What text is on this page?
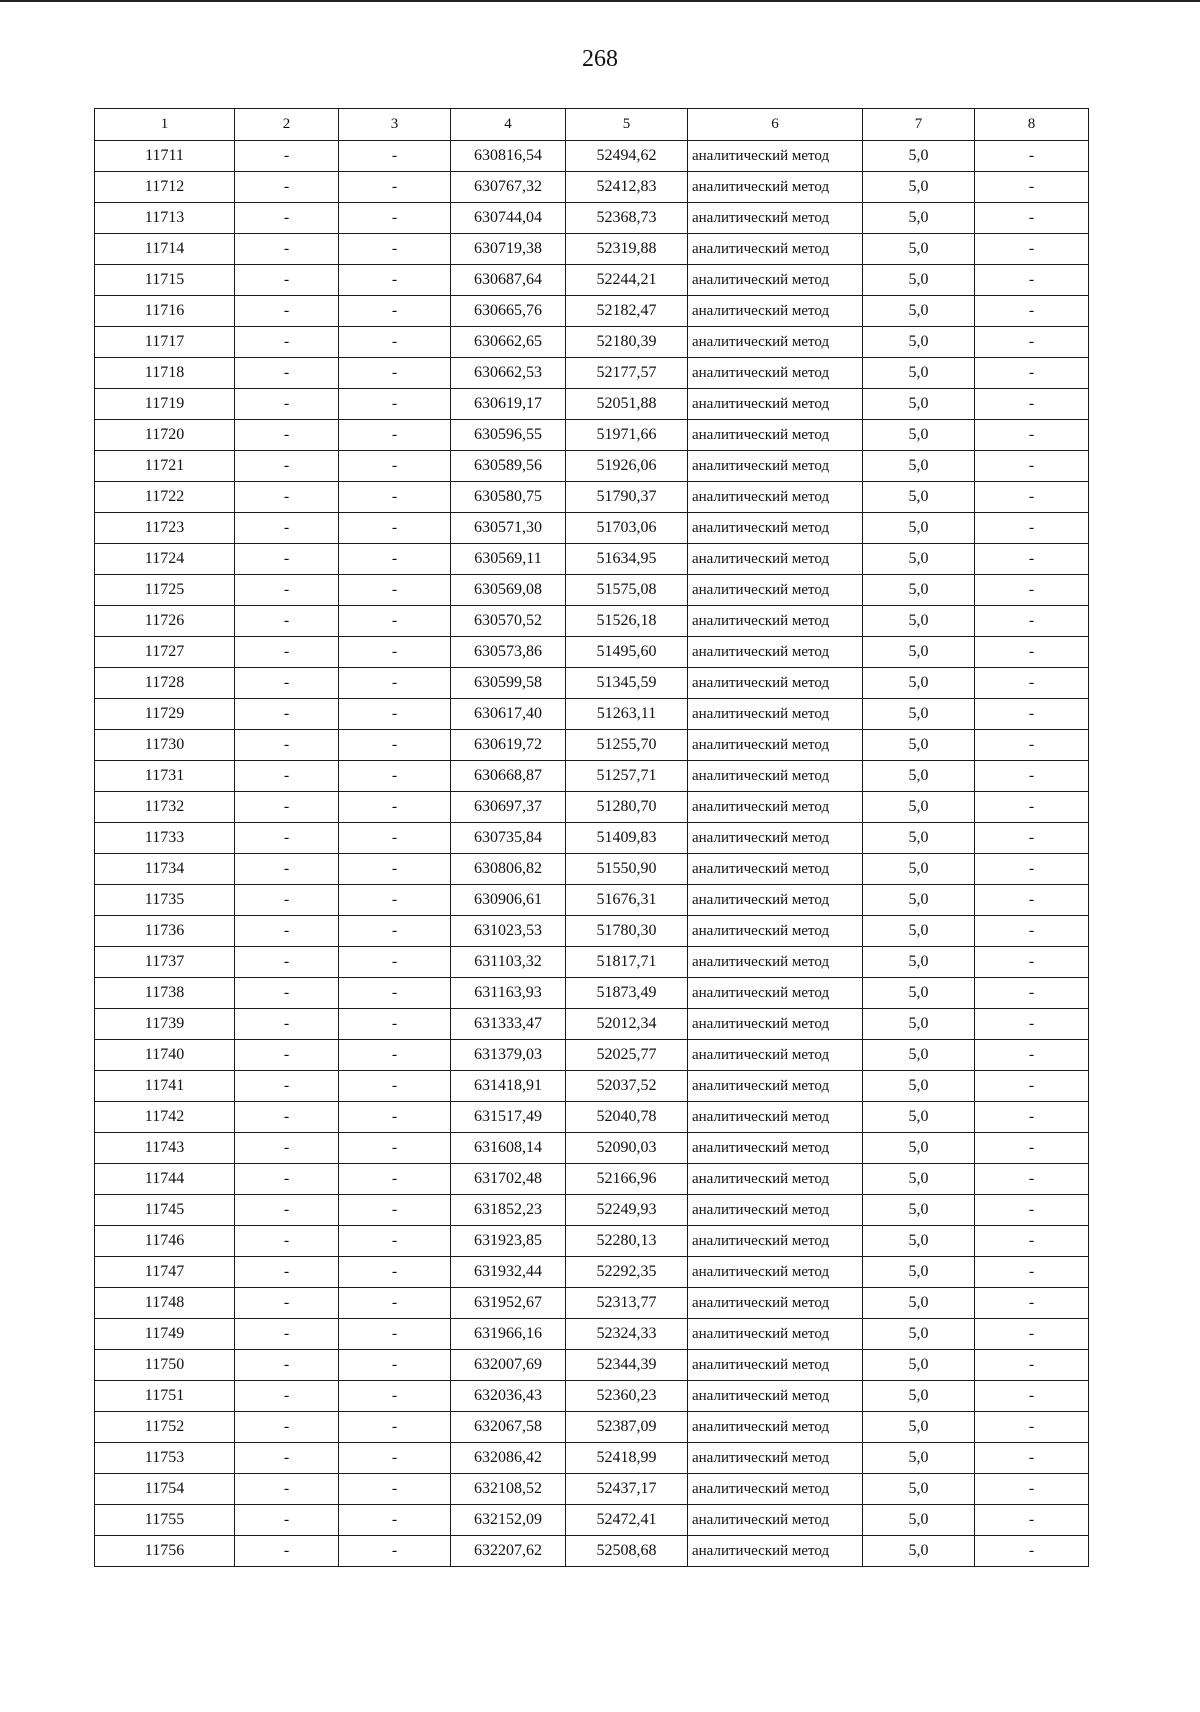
268
1	2	3	4	5	6	7	8
11711	-	-	630816,54	52494,62	аналитический метод	5,0	-
11712	-	-	630767,32	52412,83	аналитический метод	5,0	-
11713	-	-	630744,04	52368,73	аналитический метод	5,0	-
11714	-	-	630719,38	52319,88	аналитический метод	5,0	-
11715	-	-	630687,64	52244,21	аналитический метод	5,0	-
11716	-	-	630665,76	52182,47	аналитический метод	5,0	-
11717	-	-	630662,65	52180,39	аналитический метод	5,0	-
11718	-	-	630662,53	52177,57	аналитический метод	5,0	-
11719	-	-	630619,17	52051,88	аналитический метод	5,0	-
11720	-	-	630596,55	51971,66	аналитический метод	5,0	-
11721	-	-	630589,56	51926,06	аналитический метод	5,0	-
11722	-	-	630580,75	51790,37	аналитический метод	5,0	-
11723	-	-	630571,30	51703,06	аналитический метод	5,0	-
11724	-	-	630569,11	51634,95	аналитический метод	5,0	-
11725	-	-	630569,08	51575,08	аналитический метод	5,0	-
11726	-	-	630570,52	51526,18	аналитический метод	5,0	-
11727	-	-	630573,86	51495,60	аналитический метод	5,0	-
11728	-	-	630599,58	51345,59	аналитический метод	5,0	-
11729	-	-	630617,40	51263,11	аналитический метод	5,0	-
11730	-	-	630619,72	51255,70	аналитический метод	5,0	-
11731	-	-	630668,87	51257,71	аналитический метод	5,0	-
11732	-	-	630697,37	51280,70	аналитический метод	5,0	-
11733	-	-	630735,84	51409,83	аналитический метод	5,0	-
11734	-	-	630806,82	51550,90	аналитический метод	5,0	-
11735	-	-	630906,61	51676,31	аналитический метод	5,0	-
11736	-	-	631023,53	51780,30	аналитический метод	5,0	-
11737	-	-	631103,32	51817,71	аналитический метод	5,0	-
11738	-	-	631163,93	51873,49	аналитический метод	5,0	-
11739	-	-	631333,47	52012,34	аналитический метод	5,0	-
11740	-	-	631379,03	52025,77	аналитический метод	5,0	-
11741	-	-	631418,91	52037,52	аналитический метод	5,0	-
11742	-	-	631517,49	52040,78	аналитический метод	5,0	-
11743	-	-	631608,14	52090,03	аналитический метод	5,0	-
11744	-	-	631702,48	52166,96	аналитический метод	5,0	-
11745	-	-	631852,23	52249,93	аналитический метод	5,0	-
11746	-	-	631923,85	52280,13	аналитический метод	5,0	-
11747	-	-	631932,44	52292,35	аналитический метод	5,0	-
11748	-	-	631952,67	52313,77	аналитический метод	5,0	-
11749	-	-	631966,16	52324,33	аналитический метод	5,0	-
11750	-	-	632007,69	52344,39	аналитический метод	5,0	-
11751	-	-	632036,43	52360,23	аналитический метод	5,0	-
11752	-	-	632067,58	52387,09	аналитический метод	5,0	-
11753	-	-	632086,42	52418,99	аналитический метод	5,0	-
11754	-	-	632108,52	52437,17	аналитический метод	5,0	-
11755	-	-	632152,09	52472,41	аналитический метод	5,0	-
11756	-	-	632207,62	52508,68	аналитический метод	5,0	-
